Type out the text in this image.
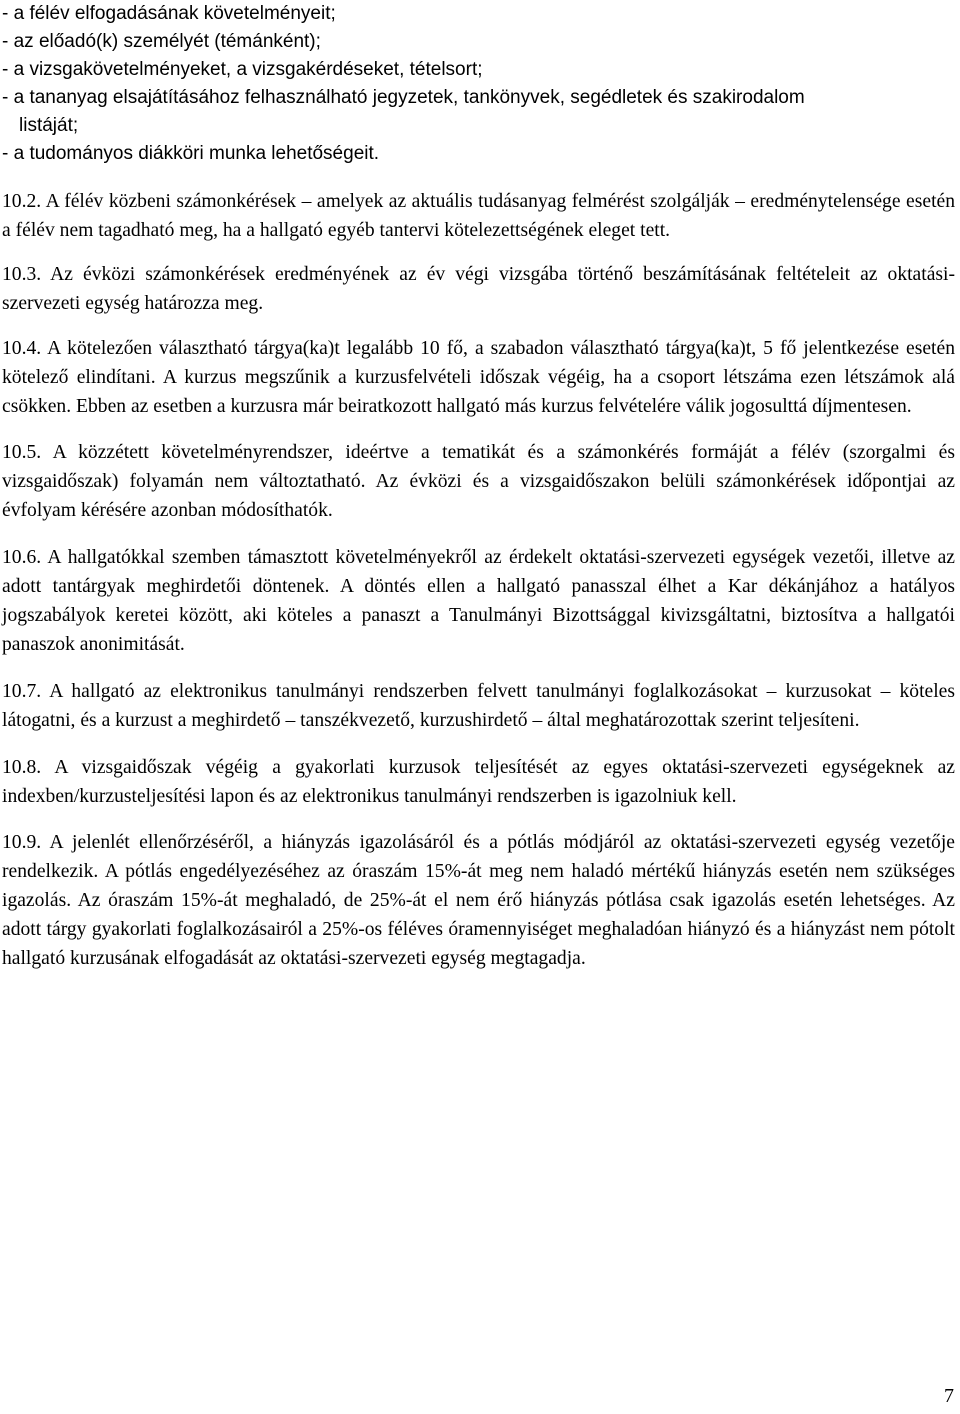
- a félév elfogadásának követelményeit;
- az előadó(k) személyét (témánként);
- a vizsgakövetelményeket, a vizsgakérdéseket, tételsort;
- a tananyag elsajátításához felhasználható jegyzetek, tankönyvek, segédletek és szakirodalom
listáját;
- a tudományos diákköri munka lehetőségeit.

10.2. A félév közbeni számonkérések – amelyek az aktuális tudásanyag felmérést szolgálják – eredménytelensége esetén a félév nem tagadható meg, ha a hallgató egyéb tantervi kötelezettségének eleget tett.

10.3. Az évközi számonkérések eredményének az év végi vizsgába történő beszámításának feltételeit az oktatási-szervezeti egység határozza meg.

10.4. A kötelezően választható tárgya(ka)t legalább 10 fő, a szabadon választható tárgya(ka)t, 5 fő jelentkezése esetén kötelező elindítani. A kurzus megszűnik a kurzusfelvételi időszak végéig, ha a csoport létszáma ezen létszámok alá csökken. Ebben az esetben a kurzusra már beiratkozott hallgató más kurzus felvételére válik jogosulttá díjmentesen.

10.5. A közzétett követelményrendszer, ideértve a tematikát és a számonkérés formáját a félév (szorgalmi és vizsgaidőszak) folyamán nem változtatható. Az évközi és a vizsgaidőszakon belüli számonkérések időpontjai az évfolyam kérésére azonban módosíthatók.

10.6. A hallgatókkal szemben támasztott követelményekről az érdekelt oktatási-szervezeti egységek vezetői, illetve az adott tantárgyak meghirdetői döntenek. A döntés ellen a hallgató panasszal élhet a Kar dékánjához a hatályos jogszabályok keretei között, aki köteles a panaszt a Tanulmányi Bizottsággal kivizsgáltatni, biztosítva a hallgatói panaszok anonimitását.

10.7. A hallgató az elektronikus tanulmányi rendszerben felvett tanulmányi foglalkozásokat – kurzusokat – köteles látogatni, és a kurzust a meghirdető – tanszékvezető, kurzushirdető – által meghatározottak szerint teljesíteni.

10.8. A vizsgaidőszak végéig a gyakorlati kurzusok teljesítését az egyes oktatási-szervezeti egységeknek az indexben/kurzusteljesítési lapon és az elektronikus tanulmányi rendszerben is igazolniuk kell.

10.9. A jelenlét ellenőrzéséről, a hiányzás igazolásáról és a pótlás módjáról az oktatási-szervezeti egység vezetője rendelkezik. A pótlás engedélyezéséhez az óraszám 15%-át meg nem haladó mértékű hiányzás esetén nem szükséges igazolás. Az óraszám 15%-át meghaladó, de 25%-át el nem érő hiányzás pótlása csak igazolás esetén lehetséges. Az adott tárgy gyakorlati foglalkozásairól a 25%-os féléves óramennyiséget meghaladóan hiányzó és a hiányzást nem pótolt hallgató kurzusának elfogadását az oktatási-szervezeti egység megtagadja.

7
